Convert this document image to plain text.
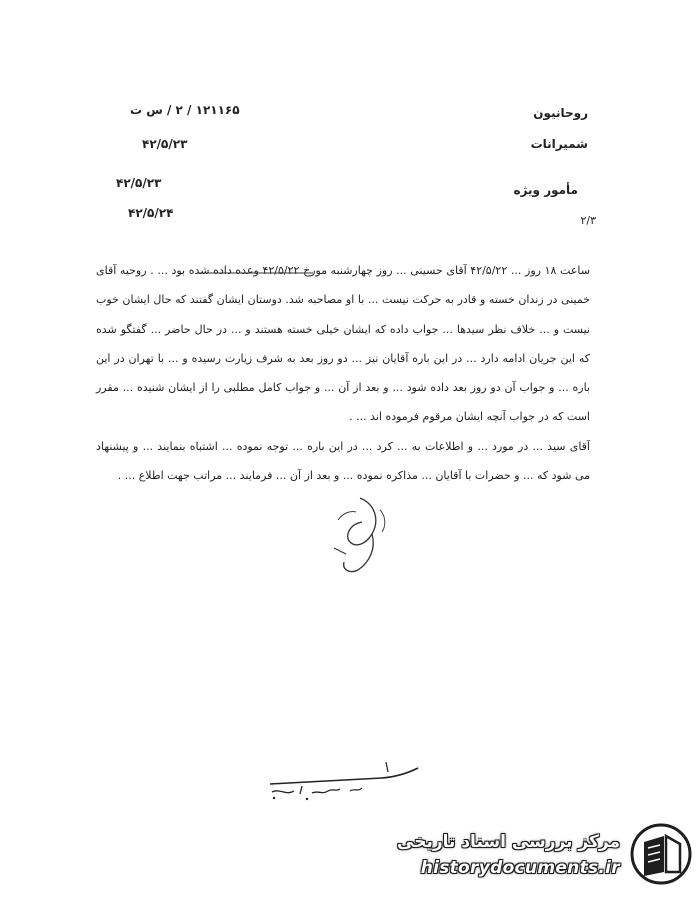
روحانیون
شمیرانات
مأمور ویژه
۲/۳
۱۲۱۱۶۵ / ۲ / س ت
۴۲/۵/۲۳
۴۲/۵/۲۳
۴۲/۵/۲۴

ساعت ۱۸ روز ... ۴۲/۵/۲۲ آقای حسینی ... روز چهارشنبه مورخ ۴۲/۵/۲۲ وعده داده شده بود ... . روحیه آقای خمینی در زندان خسته و قادر به حرکت نیست ... با او مصاحبه شد. دوستان ایشان گفتند که حال ایشان خوب نیست و ... خلاف نظر سیدها ... جواب داده که ایشان خیلی خسته هستند و ... در حال حاضر ... گفتگو شده که این جریان ادامه دارد ... در این باره آقایان نیز ... دو روز بعد به شرف زیارت رسیده و ... با تهران در این باره ... و جواب آن دو روز بعد داده شود ... و بعد از آن ... و جواب کامل مطلبی را از ایشان شنیده ... مقرر است که در جواب آنچه ایشان مرقوم فرموده اند ... .

آقای سید ... در مورد ... و اطلاعات به ... کرد ... در این باره ... توجه نموده ... اشتباه بنمایند ... و پیشنهاد می شود که ... و حضرات با آقایان ... مذاکره نموده ... و بعد از آن ... فرمایند ... مراتب جهت اطلاع ... .

مرکز بررسی اسناد تاریخی
historydocuments.ir
